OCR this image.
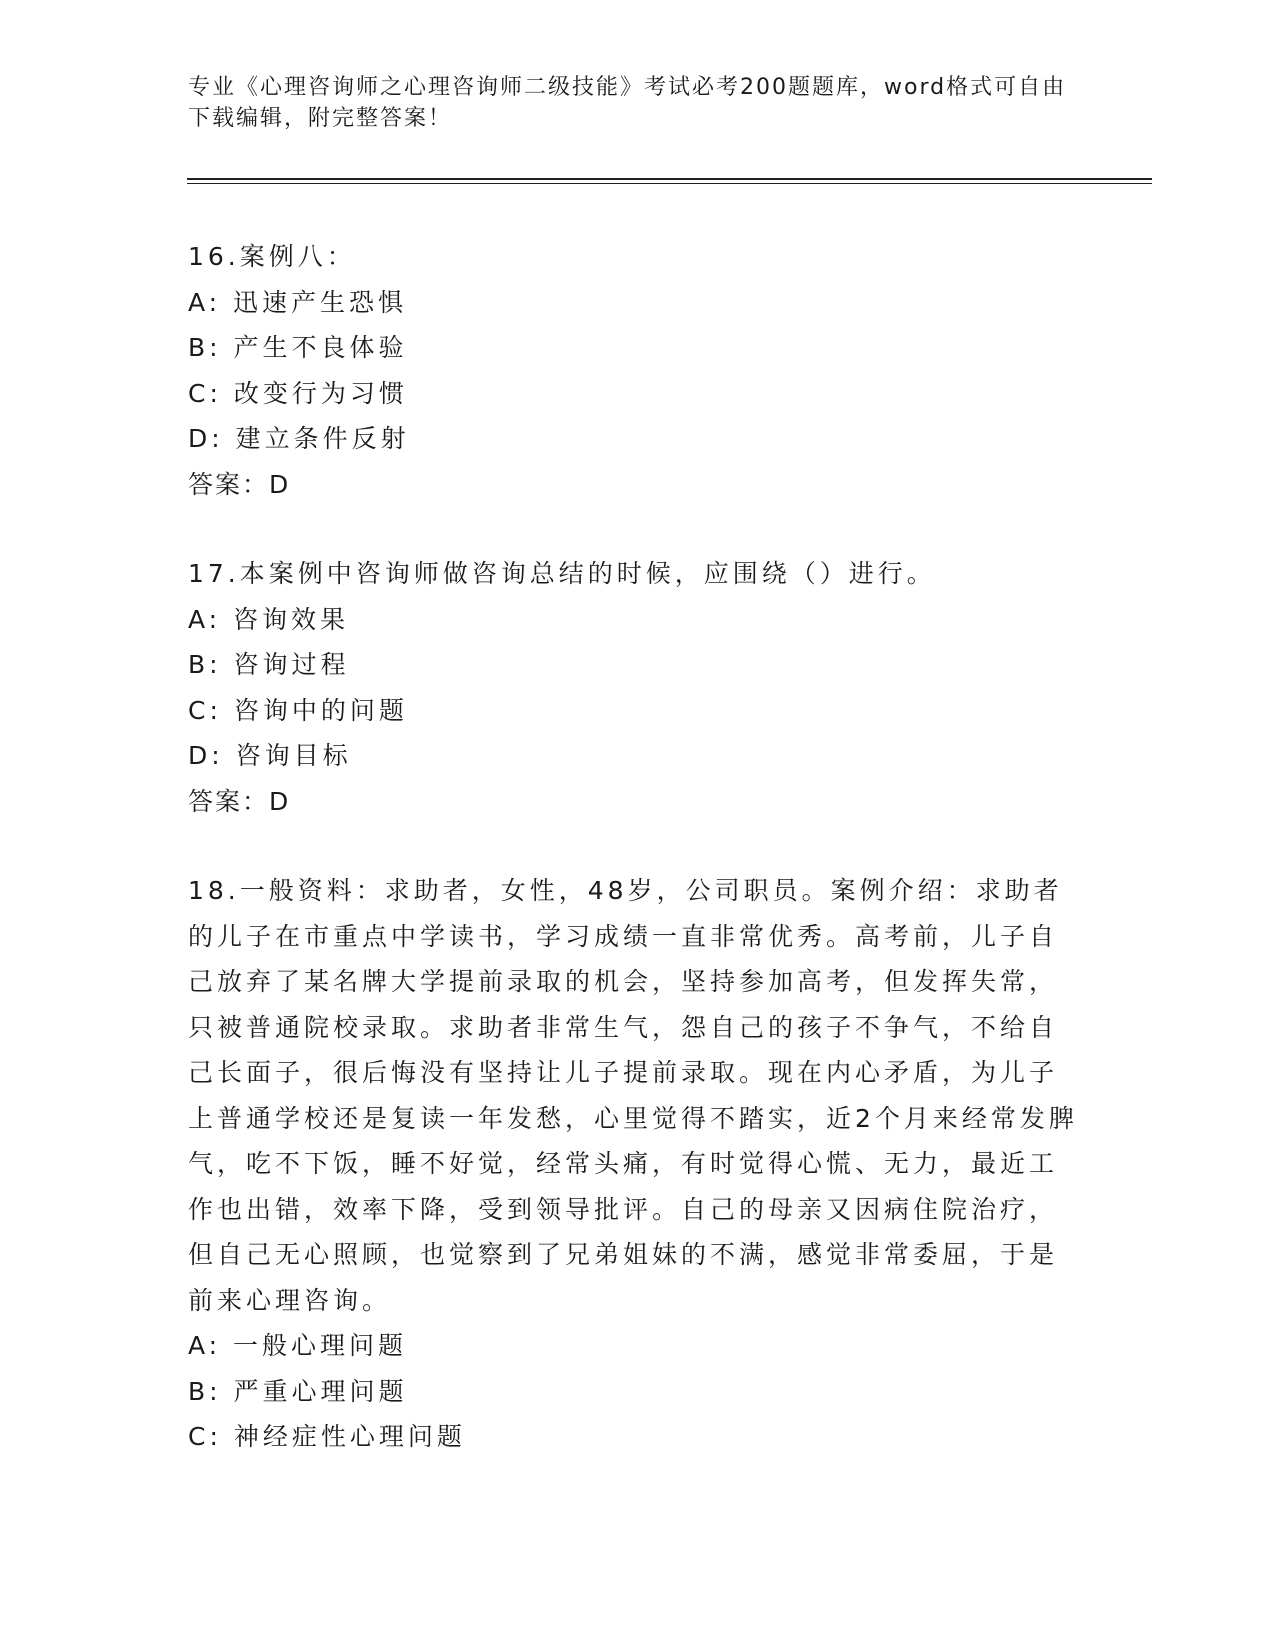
专业《心理咨询师之心理咨询师二级技能》考试必考200题题库，word格式可自由下载编辑，附完整答案！

16.案例八：

A: 迅速产生恐惧

B: 产生不良体验

C: 改变行为习惯

D: 建立条件反射

答案：D

17.本案例中咨询师做咨询总结的时候，应围绕（）进行。

A: 咨询效果

B: 咨询过程

C: 咨询中的问题

D: 咨询目标

答案：D

18.一般资料：求助者，女性，48岁，公司职员。案例介绍：求助者的儿子在市重点中学读书，学习成绩一直非常优秀。高考前，儿子自己放弃了某名牌大学提前录取的机会，坚持参加高考，但发挥失常，只被普通院校录取。求助者非常生气，怨自己的孩子不争气，不给自己长面子，很后悔没有坚持让儿子提前录取。现在内心矛盾，为儿子上普通学校还是复读一年发愁，心里觉得不踏实，近2个月来经常发脾气，吃不下饭，睡不好觉，经常头痛，有时觉得心慌、无力，最近工作也出错，效率下降，受到领导批评。自己的母亲又因病住院治疗，但自己无心照顾，也觉察到了兄弟姐妹的不满，感觉非常委屈，于是前来心理咨询。

A: 一般心理问题

B: 严重心理问题

C: 神经症性心理问题
